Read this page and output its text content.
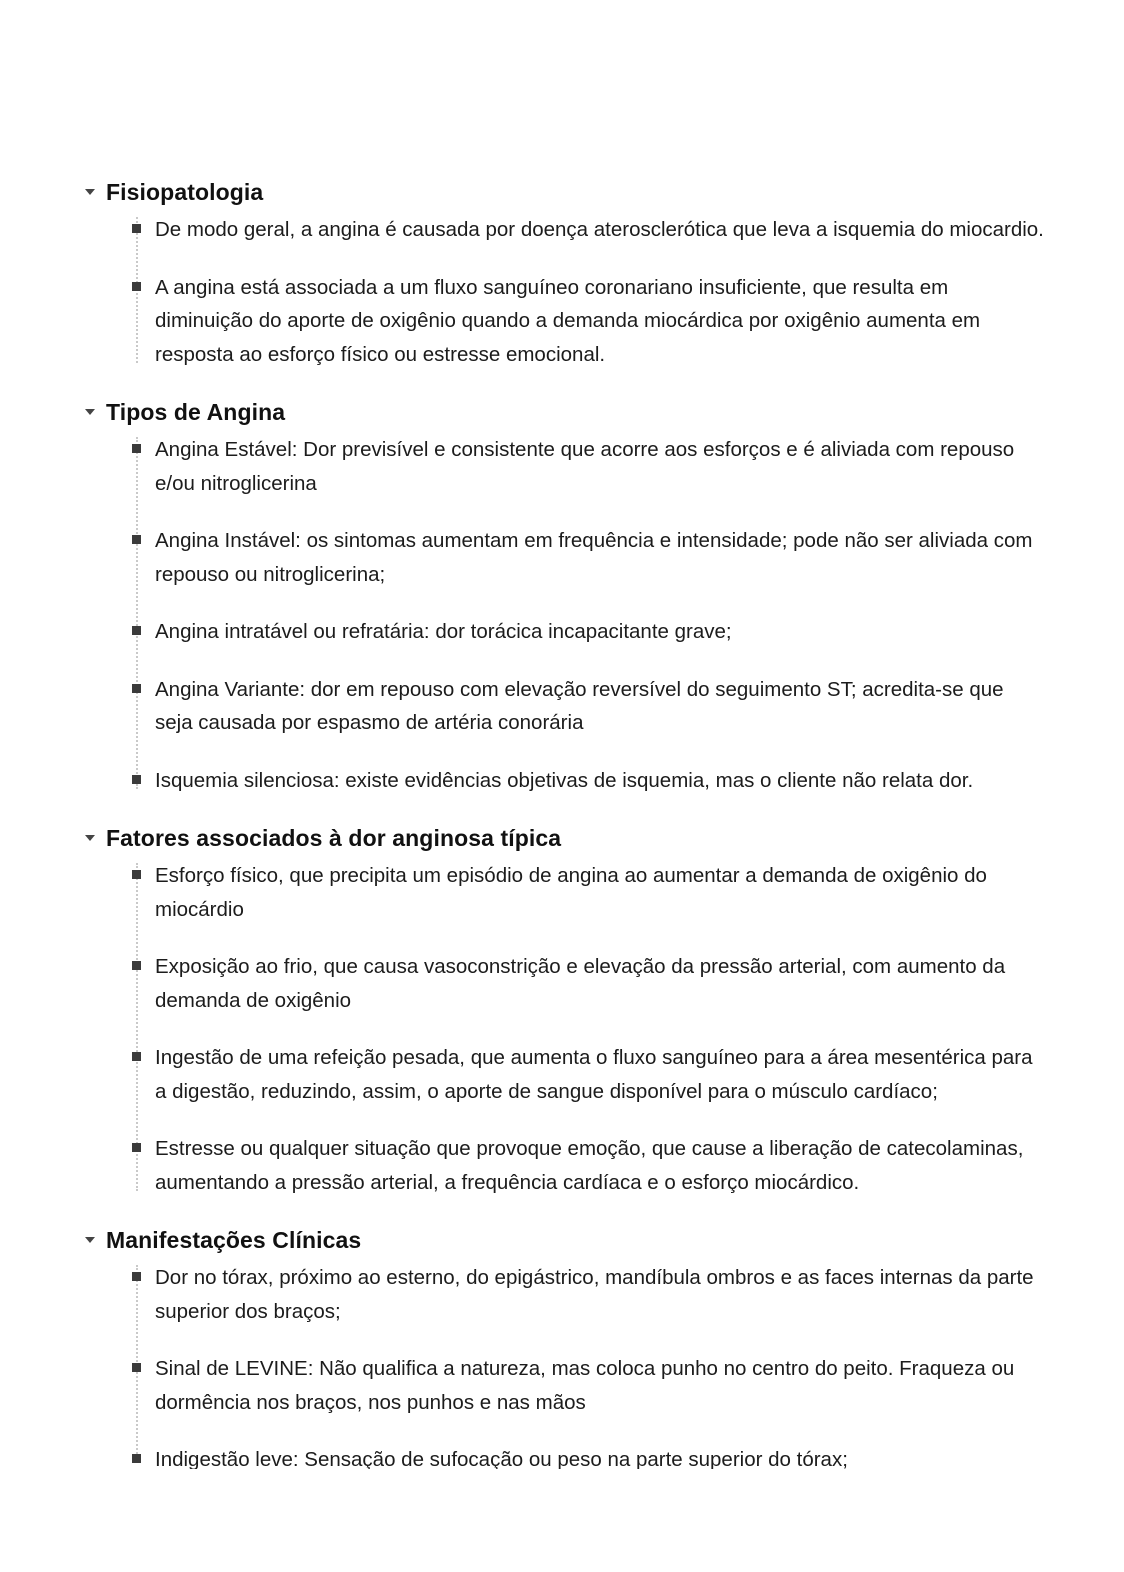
Fisiopatologia
De modo geral, a angina é causada por doença aterosclerótica que leva a isquemia do miocardio.
A angina está associada a um fluxo sanguíneo coronariano insuficiente, que resulta em diminuição do aporte de oxigênio quando a demanda miocárdica por oxigênio aumenta em resposta ao esforço físico ou estresse emocional.
Tipos de Angina
Angina Estável: Dor previsível e consistente que acorre aos esforços e é aliviada com repouso e/ou nitroglicerina
Angina Instável: os sintomas aumentam em frequência e intensidade; pode não ser aliviada com repouso ou nitroglicerina;
Angina intratável ou refratária: dor torácica incapacitante grave;
Angina Variante: dor em repouso com elevação reversível do seguimento ST; acredita-se que seja causada por espasmo de artéria conorária
Isquemia silenciosa: existe evidências objetivas de isquemia, mas o cliente não relata dor.
Fatores associados à dor anginosa típica
Esforço físico, que precipita um episódio de angina ao aumentar a demanda de oxigênio do miocárdio
Exposição ao frio, que causa vasoconstrição e elevação da pressão arterial, com aumento da demanda de oxigênio
Ingestão de uma refeição pesada, que aumenta o fluxo sanguíneo para a área mesentérica para a digestão, reduzindo, assim, o aporte de sangue disponível para o músculo cardíaco;
Estresse ou qualquer situação que provoque emoção, que cause a liberação de catecolaminas, aumentando a pressão arterial, a frequência cardíaca e o esforço miocárdico.
Manifestações Clínicas
Dor no tórax, próximo ao esterno, do epigástrico, mandíbula ombros e as faces internas da parte superior dos braços;
Sinal de LEVINE: Não qualifica a natureza, mas coloca punho no centro do peito. Fraqueza ou dormência nos braços, nos punhos e nas mãos
Indigestão leve: Sensação de sufocação ou peso na parte superior do tórax;
